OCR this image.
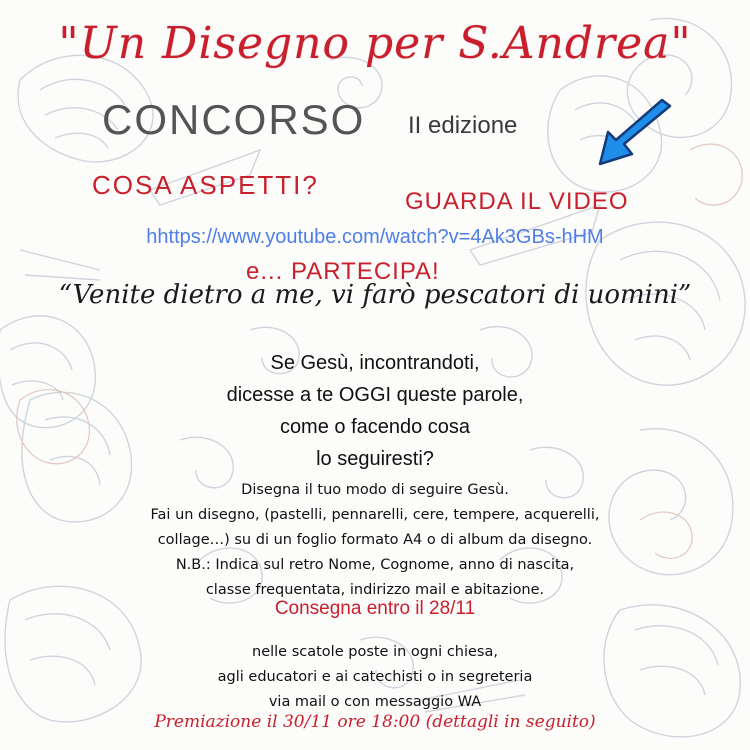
"Un Disegno per S.Andrea"

CONCORSO II edizione

COSA ASPETTI?

GUARDA IL VIDEO

hhttps://www.youtube.com/watch?v=4Ak3GBs-hHM

e... PARTECIPA!

“Venite dietro a me, vi farò pescatori di uomini”

Se Gesù, incontrandoti,

dicesse a te OGGI queste parole,

come o facendo cosa

lo seguiresti?

Disegna il tuo modo di seguire Gesù.

Fai un disegno, (pastelli, pennarelli, cere, tempere, acquerelli,

collage…) su di un foglio formato A4 o di album da disegno.

N.B.: Indica sul retro Nome, Cognome, anno di nascita,

classe frequentata, indirizzo mail e abitazione.

Consegna entro il 28/11

nelle scatole poste in ogni chiesa,

agli educatori e ai catechisti o in segreteria

via mail o con messaggio WA

Premiazione il 30/11 ore 18:00 (dettagli in seguito)
